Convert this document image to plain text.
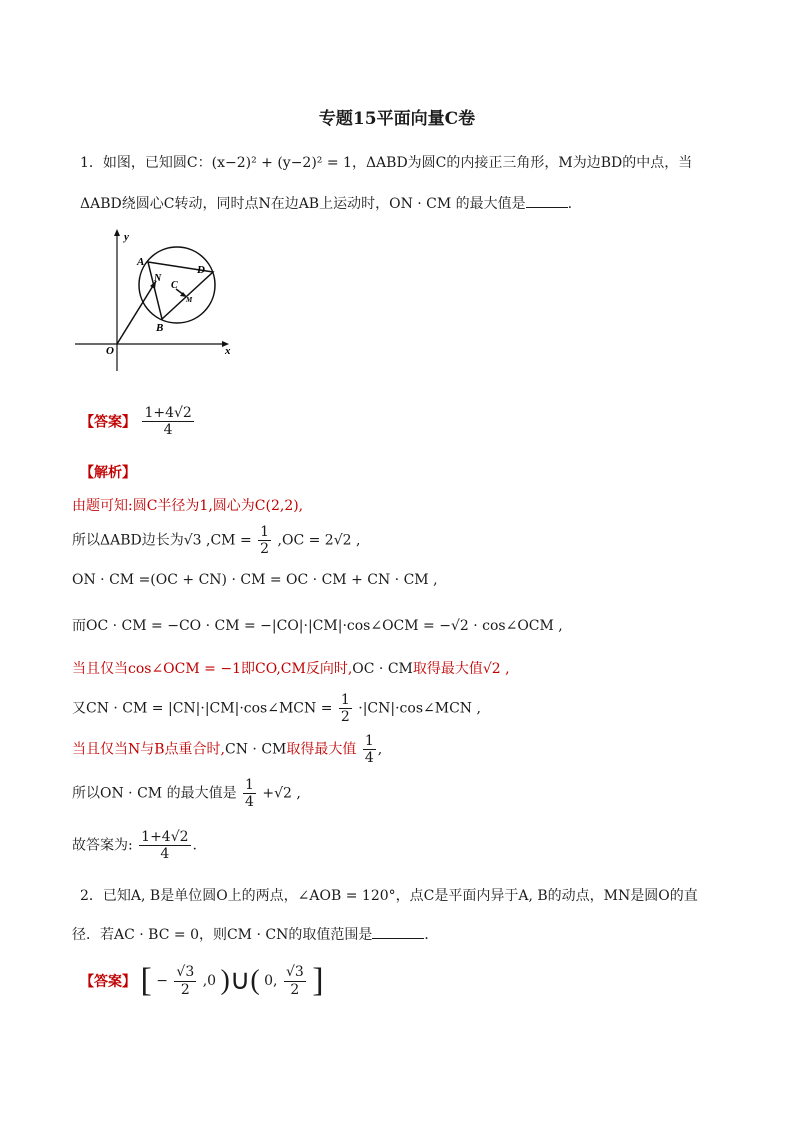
专题15平面向量C卷
1．如图，已知圆C：(x−2)² + (y−2)² = 1，ΔABD为圆C的内接正三角形，M为边BD的中点，当
ΔABD绕圆心C转动，同时点N在边AB上运动时，ON · CM 的最大值是	.
y
x
O
A
B
C
D
N
M
【答案】 $\frac{1+4√2}{4}$
【解析】
由题可知:圆C半径为1,圆心为C(2,2),
所以ΔABD边长为√3 $,CM = \frac{1}{2} ,OC = 2√2$ ,
ON · CM =(OC + CN) · CM = OC · CM + CN · CM ,
而OC · CM = −CO · CM = −|CO|·|CM|·cos∠OCM = −√2 · cos∠OCM ,
当且仅当cos∠OCM = −1即CO,CM反向时,OC · CM取得最大值√2 ,
又CN · CM = |CN|·|CM|·cos∠MCN = $\frac{1}{2}$ ·|CN|·cos∠MCN ,
当且仅当N与B点重合时,CN · CM取得最大值 $\frac{1}{4}$ ,
所以ON · CM 的最大值是 $\frac{1}{4} +√2$ ,
故答案为: $\frac{1+4√2}{4}$ .
2．已知A, B是单位圆O上的两点，∠AOB = 120°，点C是平面内异于A, B的动点，MN是圆O的直
径．若AC · BC = 0，则CM · CN的取值范围是	．
【答案】 [ − $\frac{√3}{2} ,0$ )∪( 0, $\frac{√3}{2}$ ]
